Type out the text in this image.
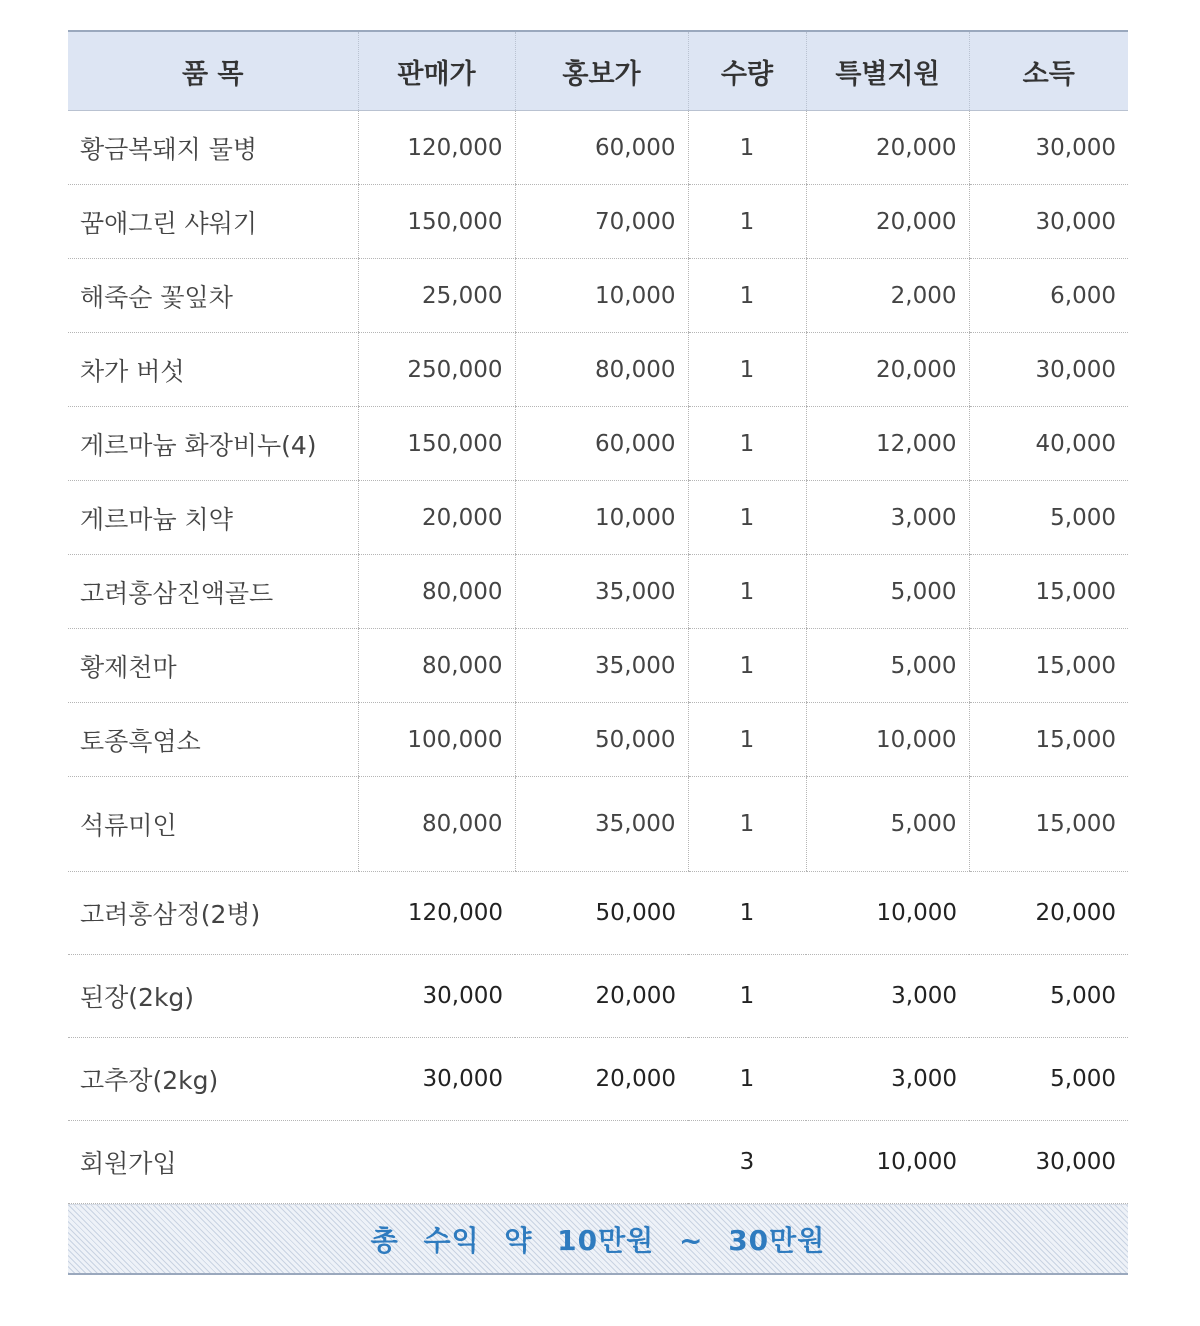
품 목	판매가	홍보가	수량	특별지원	소득
황금복돼지 물병	120,000	60,000	1	20,000	30,000
꿈애그린 샤워기	150,000	70,000	1	20,000	30,000
해죽순 꽃잎차	25,000	10,000	1	2,000	6,000
차가 버섯	250,000	80,000	1	20,000	30,000
게르마늄 화장비누(4)	150,000	60,000	1	12,000	40,000
게르마늄 치약	20,000	10,000	1	3,000	5,000
고려홍삼진액골드	80,000	35,000	1	5,000	15,000
황제천마	80,000	35,000	1	5,000	15,000
토종흑염소	100,000	50,000	1	10,000	15,000
석류미인	80,000	35,000	1	5,000	15,000
고려홍삼정(2병)	120,000	50,000	1	10,000	20,000
된장(2kg)	30,000	20,000	1	3,000	5,000
고추장(2kg)	30,000	20,000	1	3,000	5,000
회원가입			3	10,000	30,000
총 수익 약 10만원 ~ 30만원
